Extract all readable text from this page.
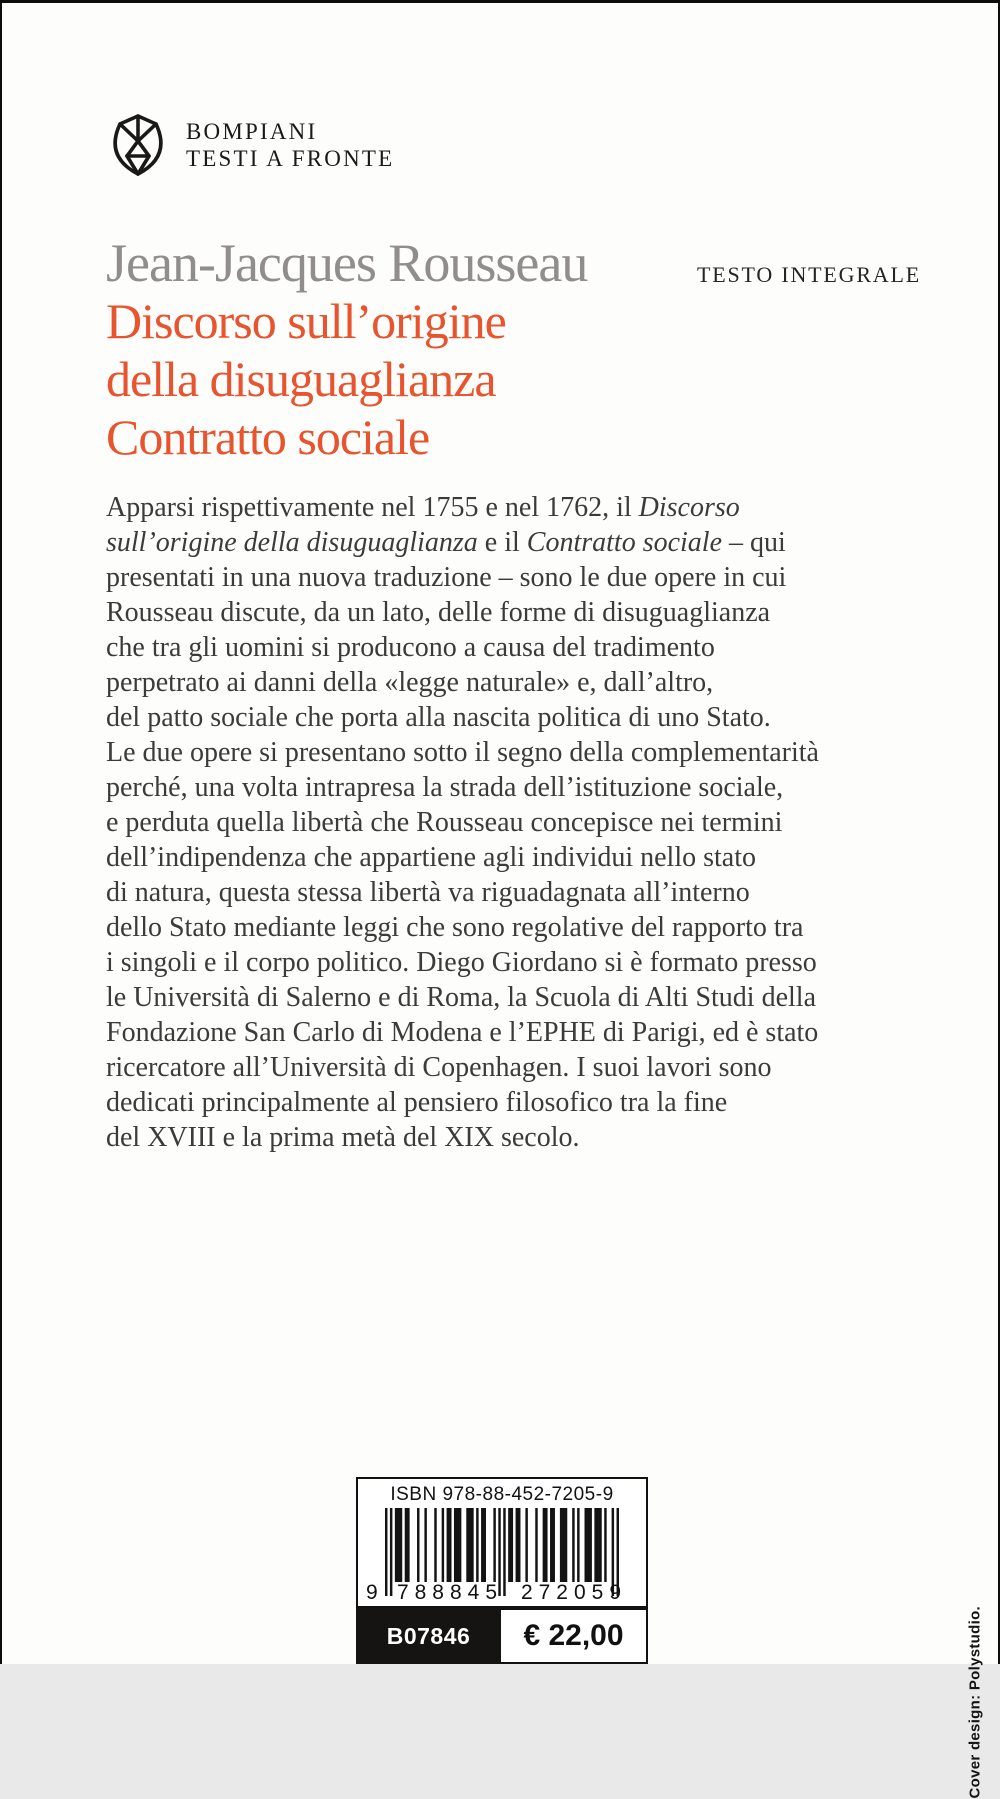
BOMPIANI
TESTI A FRONTE
Jean-Jacques Rousseau	TESTO INTEGRALE
Discorso sull’origine
della disuguaglianza
Contratto sociale
Apparsi rispettivamente nel 1755 e nel 1762, il Discorso
sull’origine della disuguaglianza e il Contratto sociale – qui
presentati in una nuova traduzione – sono le due opere in cui
Rousseau discute, da un lato, delle forme di disuguaglianza
che tra gli uomini si producono a causa del tradimento
perpetrato ai danni della «legge naturale» e, dall’altro,
del patto sociale che porta alla nascita politica di uno Stato.
Le due opere si presentano sotto il segno della complementarità
perché, una volta intrapresa la strada dell’istituzione sociale,
e perduta quella libertà che Rousseau concepisce nei termini
dell’indipendenza che appartiene agli individui nello stato
di natura, questa stessa libertà va riguadagnata all’interno
dello Stato mediante leggi che sono regolative del rapporto tra
i singoli e il corpo politico. Diego Giordano si è formato presso
le Università di Salerno e di Roma, la Scuola di Alti Studi della
Fondazione San Carlo di Modena e l’EPHE di Parigi, ed è stato
ricercatore all’Università di Copenhagen. I suoi lavori sono
dedicati principalmente al pensiero filosofico tra la fine
del XVIII e la prima metà del XIX secolo.
ISBN 978-88-452-7205-9
9 788845 272059
B07846	€ 22,00	Cover design: Polystudio.
